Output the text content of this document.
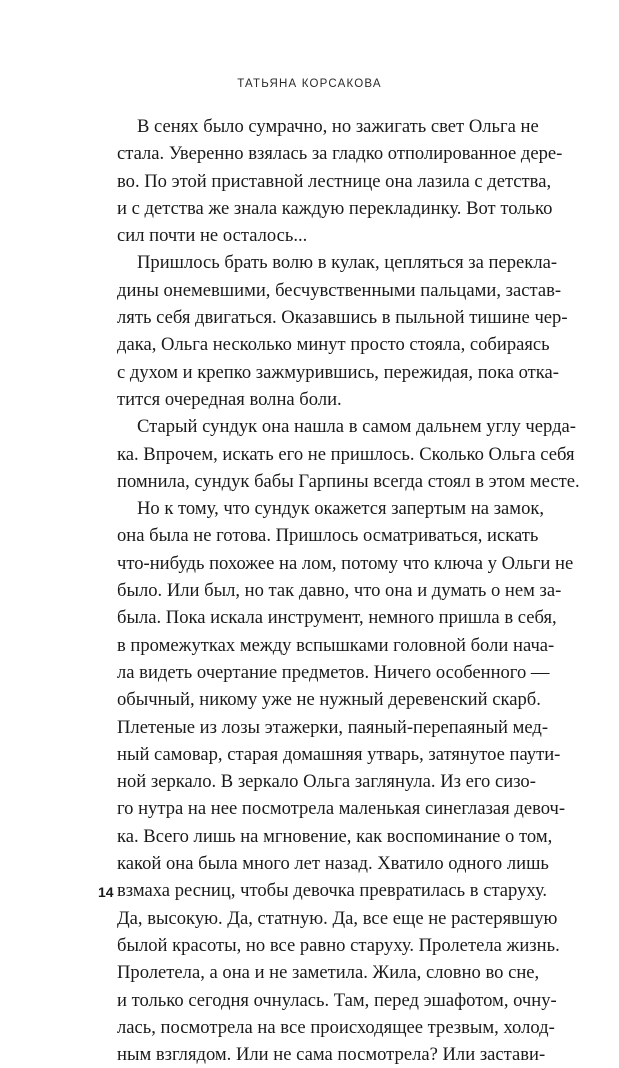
ТАТЬЯНА КОРСАКОВА
В сенях было сумрачно, но зажигать свет Ольга не
стала. Уверенно взялась за гладко отполированное дере-
во. По этой приставной лестнице она лазила с детства,
и с детства же знала каждую перекладинку. Вот только
сил почти не осталось...
Пришлось брать волю в кулак, цепляться за перекла-
дины онемевшими, бесчувственными пальцами, застав-
лять себя двигаться. Оказавшись в пыльной тишине чер-
дака, Ольга несколько минут просто стояла, собираясь
с духом и крепко зажмурившись, пережидая, пока отка-
тится очередная волна боли.
Старый сундук она нашла в самом дальнем углу черда-
ка. Впрочем, искать его не пришлось. Сколько Ольга себя
помнила, сундук бабы Гарпины всегда стоял в этом месте.
Но к тому, что сундук окажется запертым на замок,
она была не готова. Пришлось осматриваться, искать
что-нибудь похожее на лом, потому что ключа у Ольги не
было. Или был, но так давно, что она и думать о нем за-
была. Пока искала инструмент, немного пришла в себя,
в промежутках между вспышками головной боли нача-
ла видеть очертание предметов. Ничего особенного —
обычный, никому уже не нужный деревенский скарб.
Плетеные из лозы этажерки, паяный-перепаяный мед-
ный самовар, старая домашняя утварь, затянутое паути-
ной зеркало. В зеркало Ольга заглянула. Из его сизо-
го нутра на нее посмотрела маленькая синеглазая девоч-
ка. Всего лишь на мгновение, как воспоминание о том,
какой она была много лет назад. Хватило одного лишь
взмаха ресниц, чтобы девочка превратилась в старуху.
Да, высокую. Да, статную. Да, все еще не растерявшую
былой красоты, но все равно старуху. Пролетела жизнь.
Пролетела, а она и не заметила. Жила, словно во сне,
и только сегодня очнулась. Там, перед эшафотом, очну-
лась, посмотрела на все происходящее трезвым, холод-
ным взглядом. Или не сама посмотрела? Или застави-
14
